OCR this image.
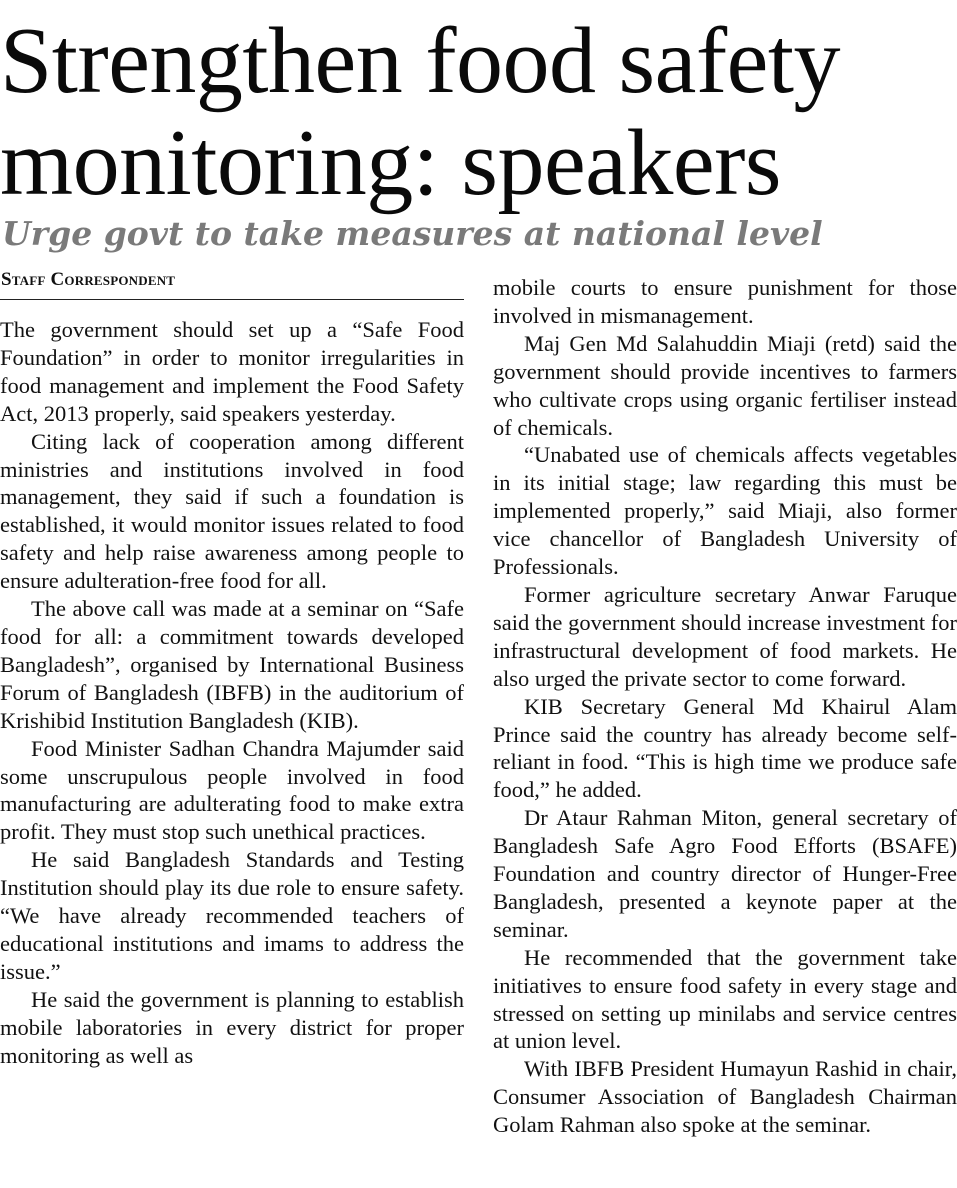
Strengthen food safety
monitoring: speakers
Urge govt to take measures at national level
Staff Correspondent

The government should set up a “Safe Food Foundation” in order to monitor irregularities in food management and implement the Food Safety Act, 2013 properly, said speakers yesterday.

Citing lack of cooperation among different ministries and institutions involved in food management, they said if such a foundation is established, it would monitor issues related to food safety and help raise awareness among people to ensure adulteration-free food for all.

The above call was made at a seminar on “Safe food for all: a commitment towards developed Bangladesh”, organised by International Business Forum of Bangladesh (IBFB) in the auditorium of Krishibid Institution Bangladesh (KIB).

Food Minister Sadhan Chandra Majumder said some unscrupulous people involved in food manufacturing are adulterating food to make extra profit. They must stop such unethical practices.

He said Bangladesh Standards and Testing Institution should play its due role to ensure safety. “We have already recommended teachers of educational institutions and imams to address the issue.”

He said the government is planning to establish mobile laboratories in every district for proper monitoring as well as

mobile courts to ensure punishment for those involved in mismanagement.

Maj Gen Md Salahuddin Miaji (retd) said the government should provide incentives to farmers who cultivate crops using organic fertiliser instead of chemicals.

“Unabated use of chemicals affects vegetables in its initial stage; law regarding this must be implemented properly,” said Miaji, also former vice chancellor of Bangladesh University of Professionals.

Former agriculture secretary Anwar Faruque said the government should increase investment for infrastructural development of food markets. He also urged the private sector to come forward.

KIB Secretary General Md Khairul Alam Prince said the country has already become self-reliant in food. “This is high time we produce safe food,” he added.

Dr Ataur Rahman Miton, general secretary of Bangladesh Safe Agro Food Efforts (BSAFE) Foundation and country director of Hunger-Free Bangladesh, presented a keynote paper at the seminar.

He recommended that the government take initiatives to ensure food safety in every stage and stressed on setting up minilabs and service centres at union level.

With IBFB President Humayun Rashid in chair, Consumer Association of Bangladesh Chairman Golam Rahman also spoke at the seminar.
